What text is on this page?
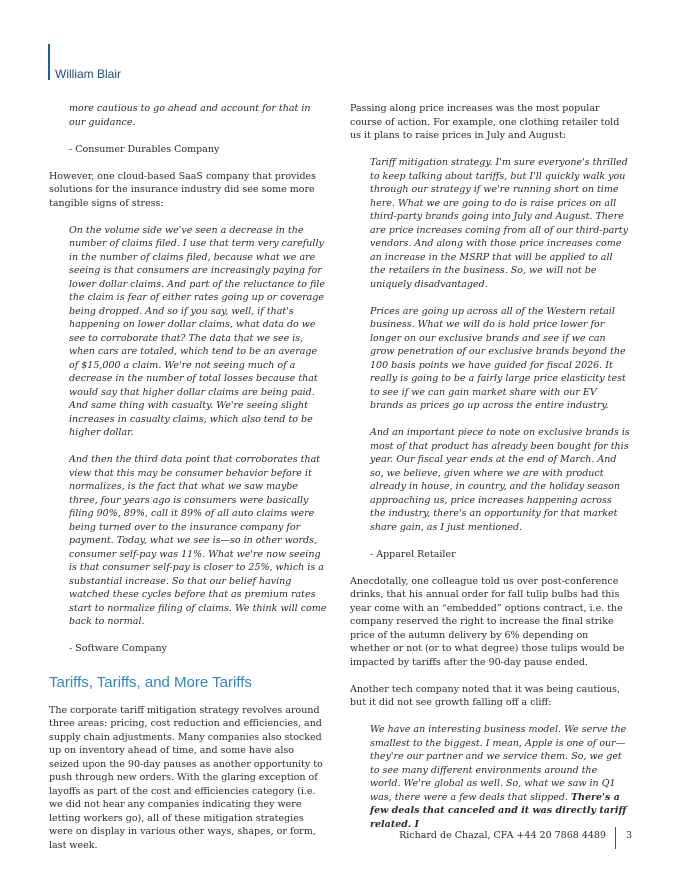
William Blair

more cautious to go ahead and account for that in our guidance.

- Consumer Durables Company

However, one cloud-based SaaS company that provides solutions for the insurance industry did see some more tangible signs of stress:

On the volume side we've seen a decrease in the number of claims filed. I use that term very carefully in the number of claims filed, because what we are seeing is that consumers are increasingly paying for lower dollar claims. And part of the reluctance to file the claim is fear of either rates going up or coverage being dropped. And so if you say, well, if that's happening on lower dollar claims, what data do we see to corroborate that? The data that we see is, when cars are totaled, which tend to be an average of $15,000 a claim. We're not seeing much of a decrease in the number of total losses because that would say that higher dollar claims are being paid. And same thing with casualty. We're seeing slight increases in casualty claims, which also tend to be higher dollar.

And then the third data point that corroborates that view that this may be consumer behavior before it normalizes, is the fact that what we saw maybe three, four years ago is consumers were basically filing 90%, 89%, call it 89% of all auto claims were being turned over to the insurance company for payment. Today, what we see is—so in other words, consumer self-pay was 11%. What we're now seeing is that consumer self-pay is closer to 25%, which is a substantial increase. So that our belief having watched these cycles before that as premium rates start to normalize filing of claims. We think will come back to normal.

- Software Company

Tariffs, Tariffs, and More Tariffs

The corporate tariff mitigation strategy revolves around three areas: pricing, cost reduction and efficiencies, and supply chain adjustments. Many companies also stocked up on inventory ahead of time, and some have also seized upon the 90-day pauses as another opportunity to push through new orders. With the glaring exception of layoffs as part of the cost and efficiencies category (i.e. we did not hear any companies indicating they were letting workers go), all of these mitigation strategies were on display in various other ways, shapes, or form, last week.

Passing along price increases was the most popular course of action. For example, one clothing retailer told us it plans to raise prices in July and August:

Tariff mitigation strategy. I'm sure everyone's thrilled to keep talking about tariffs, but I'll quickly walk you through our strategy if we're running short on time here. What we are going to do is raise prices on all third-party brands going into July and August. There are price increases coming from all of our third-party vendors. And along with those price increases come an increase in the MSRP that will be applied to all the retailers in the business. So, we will not be uniquely disadvantaged.

Prices are going up across all of the Western retail business. What we will do is hold price lower for longer on our exclusive brands and see if we can grow penetration of our exclusive brands beyond the 100 basis points we have guided for fiscal 2026. It really is going to be a fairly large price elasticity test to see if we can gain market share with our EV brands as prices go up across the entire industry.

And an important piece to note on exclusive brands is most of that product has already been bought for this year. Our fiscal year ends at the end of March. And so, we believe, given where we are with product already in house, in country, and the holiday season approaching us, price increases happening across the industry, there's an opportunity for that market share gain, as I just mentioned.

- Apparel Retailer

Anecdotally, one colleague told us over post-conference drinks, that his annual order for fall tulip bulbs had this year come with an “embedded” options contract, i.e. the company reserved the right to increase the final strike price of the autumn delivery by 6% depending on whether or not (or to what degree) those tulips would be impacted by tariffs after the 90-day pause ended.

Another tech company noted that it was being cautious, but it did not see growth falling off a cliff:

We have an interesting business model. We serve the smallest to the biggest. I mean, Apple is one of our—they're our partner and we service them. So, we get to see many different environments around the world. We're global as well. So, what we saw in Q1 was, there were a few deals that slipped. There's a few deals that canceled and it was directly tariff related. I

Richard de Chazal, CFA +44 20 7868 4489 3
